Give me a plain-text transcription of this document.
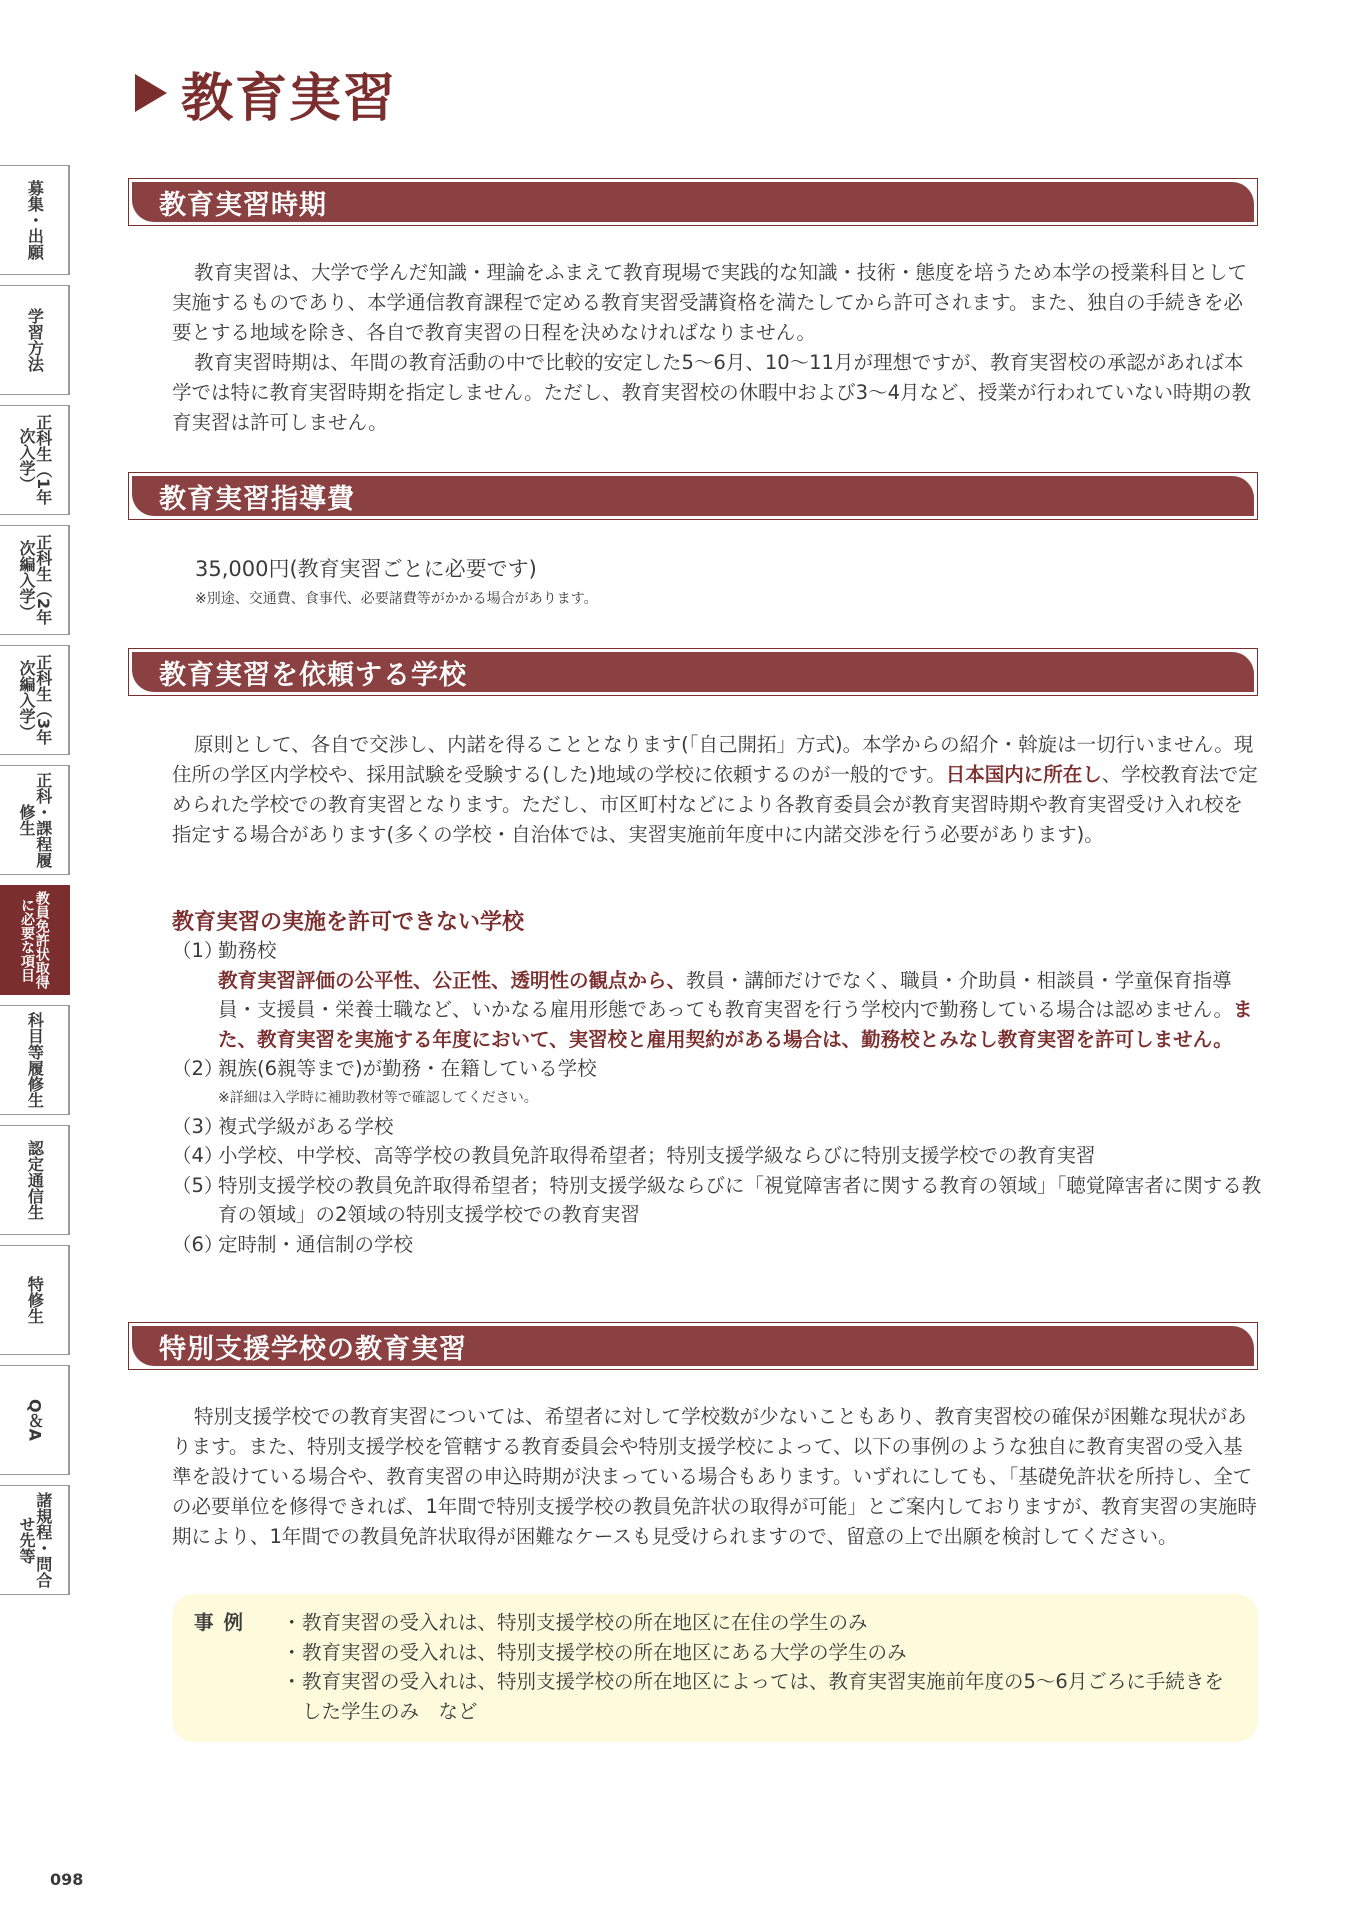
教育実習
募集・出願
学習方法
正科生（1年次入学）
正科生（2年次編入学）
正科生（3年次編入学）
正科・課程履修生
教員免許状取得に必要な項目
科目等履修生
認定通信生
特修生
Q＆A
諸規程・問合せ先等
教育実習時期

教育実習は、大学で学んだ知識・理論をふまえて教育現場で実践的な知識・技術・態度を培うため本学の授業科目として実施するものであり、本学通信教育課程で定める教育実習受講資格を満たしてから許可されます。また、独自の手続きを必要とする地域を除き、各自で教育実習の日程を決めなければなりません。

教育実習時期は、年間の教育活動の中で比較的安定した5〜6月、10〜11月が理想ですが、教育実習校の承認があれば本学では特に教育実習時期を指定しません。ただし、教育実習校の休暇中および3〜4月など、授業が行われていない時期の教育実習は許可しません。

教育実習指導費
35,000円(教育実習ごとに必要です)
※別途、交通費、食事代、必要諸費等がかかる場合があります。
教育実習を依頼する学校

原則として、各自で交渉し、内諾を得ることとなります(「自己開拓」方式)。本学からの紹介・斡旋は一切行いません。現住所の学区内学校や、採用試験を受験する(した)地域の学校に依頼するのが一般的です。日本国内に所在し、学校教育法で定められた学校での教育実習となります。ただし、市区町村などにより各教育委員会が教育実習時期や教育実習受け入れ校を指定する場合があります(多くの学校・自治体では、実習実施前年度中に内諾交渉を行う必要があります)。

教育実習の実施を許可できない学校
（1）
勤務校
教育実習評価の公平性、公正性、透明性の観点から、教員・講師だけでなく、職員・介助員・相談員・学童保育指導員・支援員・栄養士職など、いかなる雇用形態であっても教育実習を行う学校内で勤務している場合は認めません。また、教育実習を実施する年度において、実習校と雇用契約がある場合は、勤務校とみなし教育実習を許可しません。
（2）
親族(6親等まで)が勤務・在籍している学校
※詳細は入学時に補助教材等で確認してください。
（3）
複式学級がある学校
（4）
小学校、中学校、高等学校の教員免許取得希望者；特別支援学級ならびに特別支援学校での教育実習
（5）
特別支援学校の教員免許取得希望者；特別支援学級ならびに「視覚障害者に関する教育の領域」「聴覚障害者に関する教育の領域」の2領域の特別支援学校での教育実習
（6）
定時制・通信制の学校
特別支援学校の教育実習

特別支援学校での教育実習については、希望者に対して学校数が少ないこともあり、教育実習校の確保が困難な現状があります。また、特別支援学校を管轄する教育委員会や特別支援学校によって、以下の事例のような独自に教育実習の受入基準を設けている場合や、教育実習の申込時期が決まっている場合もあります。いずれにしても、「基礎免許状を所持し、全ての必要単位を修得できれば、1年間で特別支援学校の教員免許状の取得が可能」とご案内しておりますが、教育実習の実施時期により、1年間での教員免許状取得が困難なケースも見受けられますので、留意の上で出願を検討してください。

事例 ・ 教育実習の受入れは、特別支援学校の所在地区に在住の学生のみ
・ 教育実習の受入れは、特別支援学校の所在地区にある大学の学生のみ
・ 教育実習の受入れは、特別支援学校の所在地区によっては、教育実習実施前年度の5〜6月ごろに手続きをした学生のみ　など
098
